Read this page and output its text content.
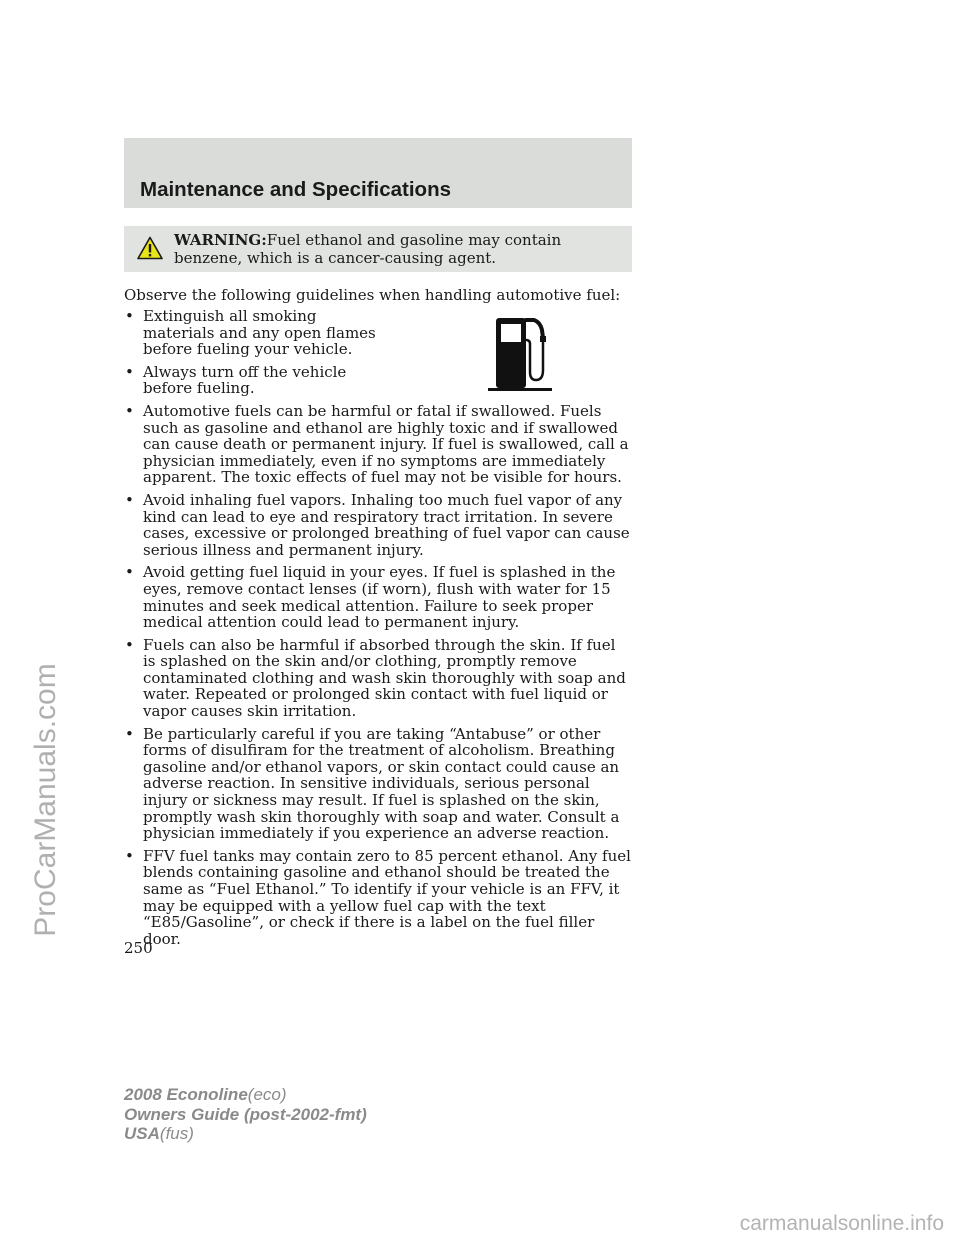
Maintenance and Specifications
WARNING:Fuel ethanol and gasoline may contain benzene, which is a cancer-causing agent.

Observe the following guidelines when handling automotive fuel:

• Extinguish all smoking materials and any open flames before fueling your vehicle.
• Always turn off the vehicle before fueling.
• Automotive fuels can be harmful or fatal if swallowed. Fuels such as gasoline and ethanol are highly toxic and if swallowed can cause death or permanent injury. If fuel is swallowed, call a physician immediately, even if no symptoms are immediately apparent. The toxic effects of fuel may not be visible for hours.
• Avoid inhaling fuel vapors. Inhaling too much fuel vapor of any kind can lead to eye and respiratory tract irritation. In severe cases, excessive or prolonged breathing of fuel vapor can cause serious illness and permanent injury.
• Avoid getting fuel liquid in your eyes. If fuel is splashed in the eyes, remove contact lenses (if worn), flush with water for 15 minutes and seek medical attention. Failure to seek proper medical attention could lead to permanent injury.
• Fuels can also be harmful if absorbed through the skin. If fuel is splashed on the skin and/or clothing, promptly remove contaminated clothing and wash skin thoroughly with soap and water. Repeated or prolonged skin contact with fuel liquid or vapor causes skin irritation.
• Be particularly careful if you are taking “Antabuse” or other forms of disulfiram for the treatment of alcoholism. Breathing gasoline and/or ethanol vapors, or skin contact could cause an adverse reaction. In sensitive individuals, serious personal injury or sickness may result. If fuel is splashed on the skin, promptly wash skin thoroughly with soap and water. Consult a physician immediately if you experience an adverse reaction.
• FFV fuel tanks may contain zero to 85 percent ethanol. Any fuel blends containing gasoline and ethanol should be treated the same as “Fuel Ethanol.” To identify if your vehicle is an FFV, it may be equipped with a yellow fuel cap with the text “E85/Gasoline”, or check if there is a label on the fuel filler door.

250

2008 Econoline(eco)
Owners Guide (post-2002-fmt)
USA(fus)
ProCarManuals.com
carmanualsonline.info
